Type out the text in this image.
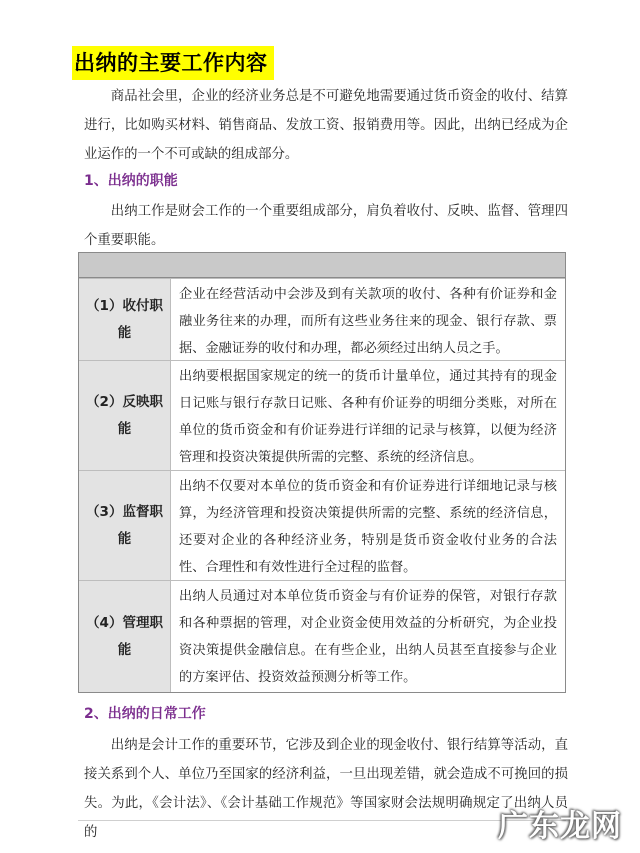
出纳的主要工作内容
商品社会里，企业的经济业务总是不可避免地需要通过货币资金的收付、结算进行，比如购买材料、销售商品、发放工资、报销费用等。因此，出纳已经成为企业运作的一个不可或缺的组成部分。
1、出纳的职能
出纳工作是财会工作的一个重要组成部分，肩负着收付、反映、监督、管理四个重要职能。
（1）收付职能
企业在经营活动中会涉及到有关款项的收付、各种有价证券和金融业务往来的办理，而所有这些业务往来的现金、银行存款、票据、金融证券的收付和办理，都必须经过出纳人员之手。
（2）反映职能
出纳要根据国家规定的统一的货币计量单位，通过其持有的现金日记账与银行存款日记账、各种有价证券的明细分类账，对所在单位的货币资金和有价证券进行详细的记录与核算，以便为经济管理和投资决策提供所需的完整、系统的经济信息。
（3）监督职能
出纳不仅要对本单位的货币资金和有价证券进行详细地记录与核算，为经济管理和投资决策提供所需的完整、系统的经济信息，还要对企业的各种经济业务，特别是货币资金收付业务的合法性、合理性和有效性进行全过程的监督。
（4）管理职能
出纳人员通过对本单位货币资金与有价证券的保管，对银行存款和各种票据的管理，对企业资金使用效益的分析研究，为企业投资决策提供金融信息。在有些企业，出纳人员甚至直接参与企业的方案评估、投资效益预测分析等工作。
2、出纳的日常工作
出纳是会计工作的重要环节，它涉及到企业的现金收付、银行结算等活动，直接关系到个人、单位乃至国家的经济利益，一旦出现差错，就会造成不可挽回的损失。为此，《会计法》、《会计基础工作规范》等国家财会法规明确规定了出纳人员的	广东龙网
